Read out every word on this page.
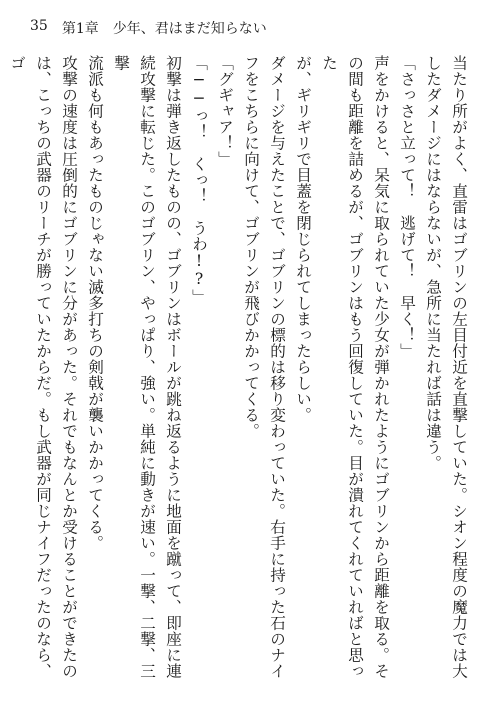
35 第1章　少年、君はまだ知らない

当たり所がよく、直雷はゴブリンの左目付近を直撃していた。シオン程度の魔力では大

したダメージにはならないが、急所に当たれば話は違う。

「さっさと立って！　逃げて！　早く！」

声をかけると、呆気に取られていた少女が弾かれたようにゴブリンから距離を取る。そ

の間も距離を詰めるが、ゴブリンはもう回復していた。目が潰れてくれていればと思った

が、ギリギリで目蓋を閉じられてしまったらしい。

ダメージを与えたことで、ゴブリンの標的は移り変わっていた。右手に持った石のナイ

フをこちらに向けて、ゴブリンが飛びかかってくる。

「グギャア！」

「──っ！　くっ！　うわ!?」

初撃は弾き返したものの、ゴブリンはボールが跳ね返るように地面を蹴って、即座に連

続攻撃に転じた。このゴブリン、やっぱり、強い。単純に動きが速い。一撃、二撃、三撃

流派も何もあったものじゃない滅多打ちの剣戟が襲いかかってくる。

攻撃の速度は圧倒的にゴブリンに分があった。それでもなんとか受けることができたの

は、こっちの武器のリーチが勝っていたからだ。もし武器が同じナイフだったのなら、ゴ
